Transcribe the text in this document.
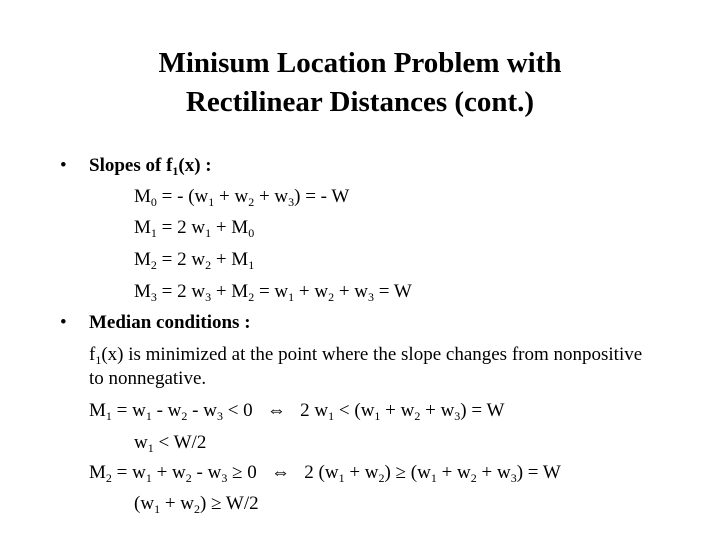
Minisum Location Problem with
Rectilinear Distances (cont.)
• Slopes of $f_1(x)$ :
$M_0$ = - $(w_1 + w_2 + w_3)$ = - W
$M_1 = 2$ $w_1 + M_0$
$M_2 = 2$ $w_2 + M_1$
$M_3 = 2$ $w_3 + M_2 = w_1 + w_2 + w_3 = W$
• Median conditions :
$f_1(x)$ is minimized at the point where the slope changes from nonpositive
to nonnegative.
$M_1 = w_1 - w_2 - w_3 < 0$   ⇔   2 $w_1 < (w_1 + w_2 + w_3) = W$
$w_1 < W/2$
$M_2 = w_1 + w_2 - w_3 \ge 0$   ⇔   2 $(w_1 + w_2) \ge (w_1 + w_2 + w_3) = W$
$(w_1 + w_2) \ge W/2$
